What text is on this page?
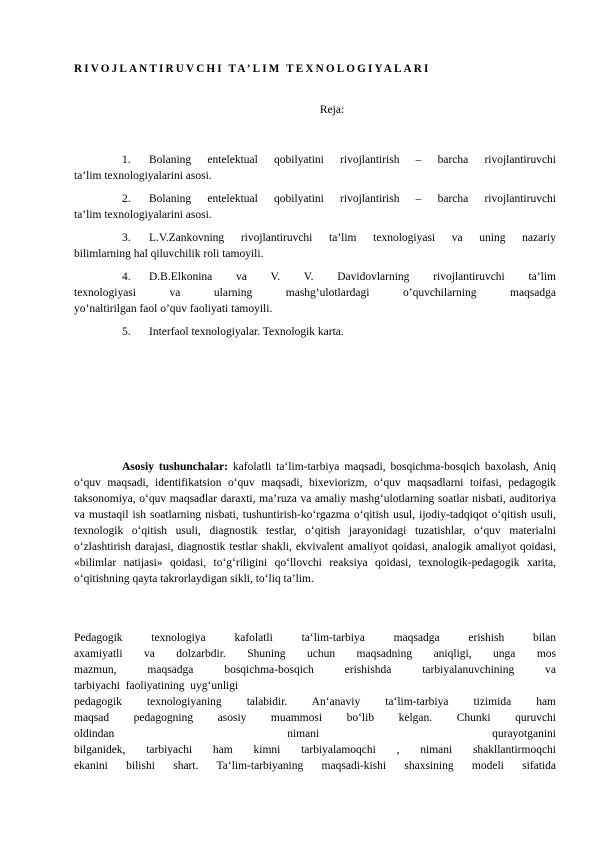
RIVOJLANTIRUVCHI TA’LIM TEXNOLOGIYALARI
Reja:
1. Bolaning entelektual qobilyatini rivojlantirish – barcha rivojlantiruvchi
ta’lim texnologiyalarini asosi.
2. Bolaning entelektual qobilyatini rivojlantirish – barcha rivojlantiruvchi
ta’lim texnologiyalarini asosi.
3. L.V.Zankovning rivojlantiruvchi ta’lim texnologiyasi va uning nazariy
bilimlarning hal qiluvchilik roli tamoyili.
4. D.B.Elkonina va V. V. Davidovlarning rivojlantiruvchi ta’lim
texnologiyasi va ularning mashg’ulotlardagi o’quvchilarning maqsadga
yo’naltirilgan faol o’quv faoliyati tamoyili.
5. Interfaol texnologiyalar. Texnologik karta.
Asosiy tushunchalar: kafolatli ta‘lim-tarbiya maqsadi, bosqichma-bosqich baxolash, Aniq o‘quv maqsadi, identifikatsion o‘quv maqsadi, bixeviorizm, o‘quv maqsadlarni toifasi, pedagogik taksonomiya, o‘quv maqsadlar daraxti, ma’ruza va amaliy mashg‘ulotlarning soatlar nisbati, auditoriya va mustaqil ish soatlarning nisbati, tushuntirish-ko‘rgazma o‘qitish usul, ijodiy-tadqiqot o‘qitish usuli, texnologik o‘qitish usuli, diagnostik testlar, o‘qitish jarayonidagi tuzatishlar, o‘quv materialni o‘zlashtirish darajasi, diagnostik testlar shakli, ekvivalent amaliyot qoidasi, analogik amaliyot qoidasi, «bilimlar natijasi» qoidasi, to‘g‘riligini qo‘llovchi reaksiya qoidasi, texnologik-pedagogik xarita, o‘qitishning qayta takrorlaydigan sikli, to‘liq ta’lim.
Pedagogik texnologiya kafolatli ta‘lim-tarbiya maqsadga erishish bilan
axamiyatli va dolzarbdir. Shuning uchun maqsadning aniqligi, unga mos
mazmun, maqsadga bosqichma-bosqich erishishda tarbiyalanuvchining va
tarbiyachi  faoliyatining  uyg‘unligi
pedagogik texnologiyaning talabidir. An‘anaviy ta‘lim-tarbiya tizimida ham
maqsad pedagogning asosiy muammosi bo‘lib kelgan. Chunki quruvchi
oldindan nimani qurayotganini
bilganidek, tarbiyachi ham kimni tarbiyalamoqchi , nimani shakllantirmoqchi
ekanini bilishi shart. Ta‘lim-tarbiyaning maqsadi-kishi shaxsining modeli sifatida
